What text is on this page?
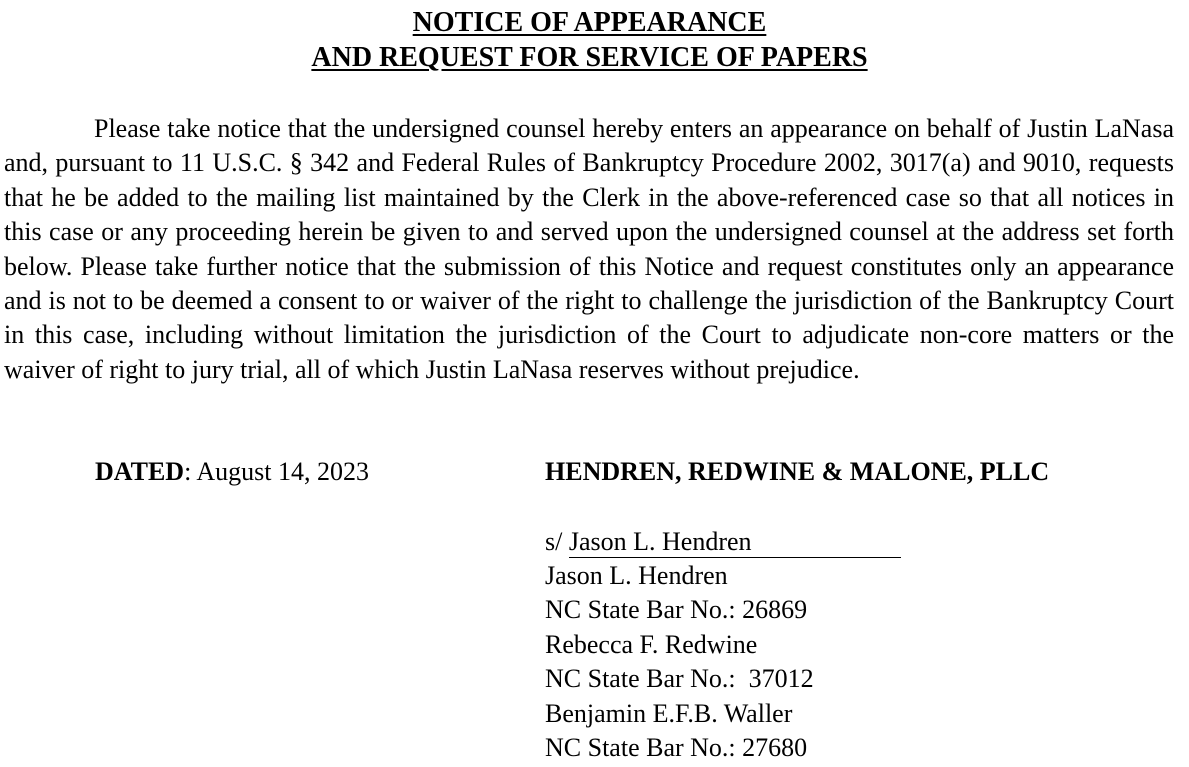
NOTICE OF APPEARANCE
AND REQUEST FOR SERVICE OF PAPERS

Please take notice that the undersigned counsel hereby enters an appearance on behalf of Justin LaNasa and, pursuant to 11 U.S.C. § 342 and Federal Rules of Bankruptcy Procedure 2002, 3017(a) and 9010, requests that he be added to the mailing list maintained by the Clerk in the above-referenced case so that all notices in this case or any proceeding herein be given to and served upon the undersigned counsel at the address set forth below. Please take further notice that the submission of this Notice and request constitutes only an appearance and is not to be deemed a consent to or waiver of the right to challenge the jurisdiction of the Bankruptcy Court in this case, including without limitation the jurisdiction of the Court to adjudicate non-core matters or the waiver of right to jury trial, all of which Justin LaNasa reserves without prejudice.

DATED: August 14, 2023	HENDREN, REDWINE & MALONE, PLLC
s/ Jason L. Hendren
Jason L. Hendren
NC State Bar No.: 26869
Rebecca F. Redwine
NC State Bar No.:  37012
Benjamin E.F.B. Waller
NC State Bar No.: 27680
